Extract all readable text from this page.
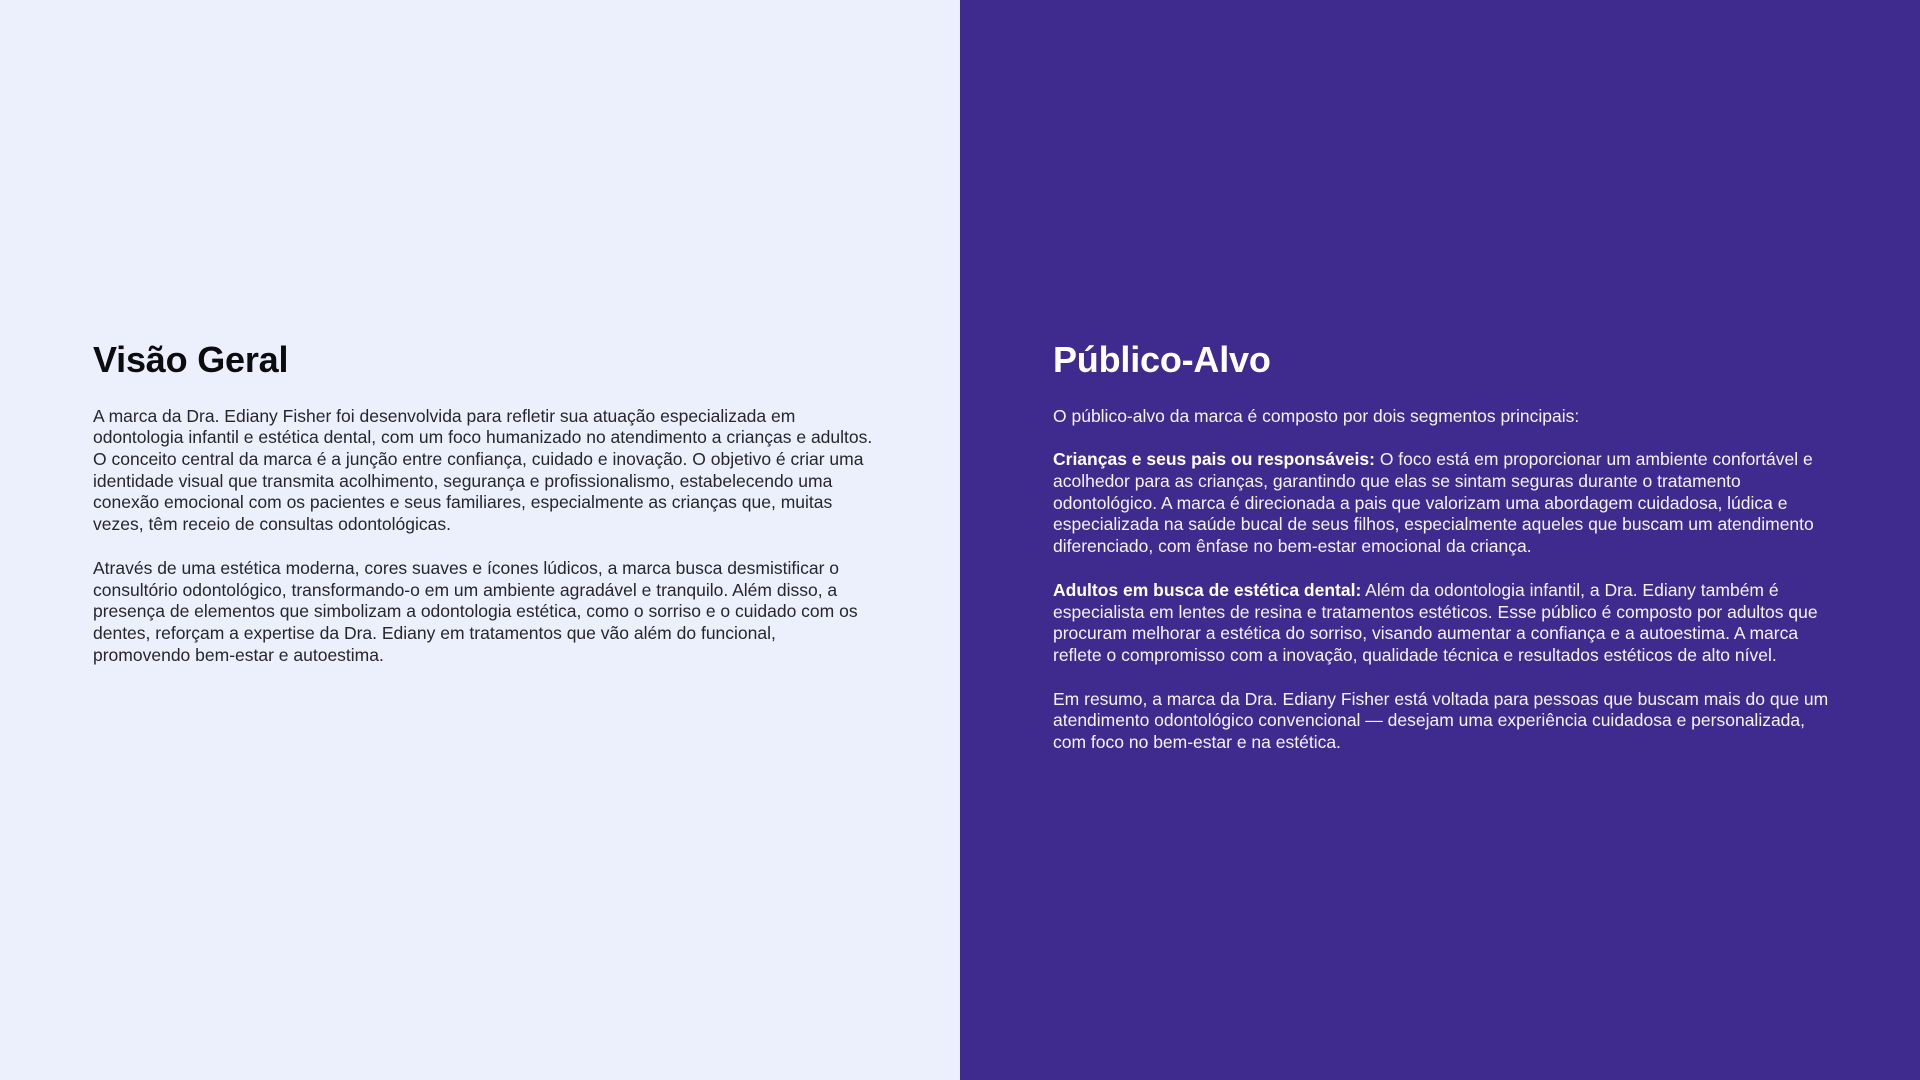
Visão Geral

A marca da Dra. Ediany Fisher foi desenvolvida para refletir sua atuação especializada em odontologia infantil e estética dental, com um foco humanizado no atendimento a crianças e adultos. O conceito central da marca é a junção entre confiança, cuidado e inovação. O objetivo é criar uma identidade visual que transmita acolhimento, segurança e profissionalismo, estabelecendo uma conexão emocional com os pacientes e seus familiares, especialmente as crianças que, muitas vezes, têm receio de consultas odontológicas.

Através de uma estética moderna, cores suaves e ícones lúdicos, a marca busca desmistificar o consultório odontológico, transformando-o em um ambiente agradável e tranquilo. Além disso, a presença de elementos que simbolizam a odontologia estética, como o sorriso e o cuidado com os dentes, reforçam a expertise da Dra. Ediany em tratamentos que vão além do funcional, promovendo bem-estar e autoestima.

Público-Alvo

O público-alvo da marca é composto por dois segmentos principais:

Crianças e seus pais ou responsáveis: O foco está em proporcionar um ambiente confortável e acolhedor para as crianças, garantindo que elas se sintam seguras durante o tratamento odontológico. A marca é direcionada a pais que valorizam uma abordagem cuidadosa, lúdica e especializada na saúde bucal de seus filhos, especialmente aqueles que buscam um atendimento diferenciado, com ênfase no bem-estar emocional da criança.

Adultos em busca de estética dental: Além da odontologia infantil, a Dra. Ediany também é especialista em lentes de resina e tratamentos estéticos. Esse público é composto por adultos que procuram melhorar a estética do sorriso, visando aumentar a confiança e a autoestima. A marca reflete o compromisso com a inovação, qualidade técnica e resultados estéticos de alto nível.

Em resumo, a marca da Dra. Ediany Fisher está voltada para pessoas que buscam mais do que um atendimento odontológico convencional — desejam uma experiência cuidadosa e personalizada, com foco no bem-estar e na estética.
